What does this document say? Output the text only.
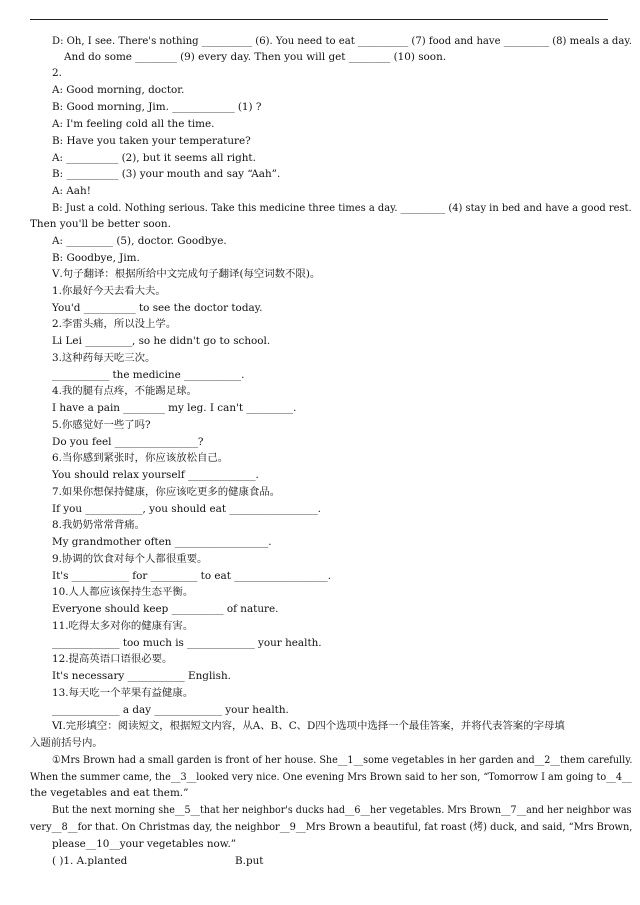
D: Oh, I see. There's nothing __________ (6). You need to eat __________ (7) food and have _________ (8) meals a day.
And do some ________ (9) every day. Then you will get ________ (10) soon.
2.
A: Good morning, doctor.
B: Good morning, Jim. ____________ (1) ?
A: I'm feeling cold all the time.
B: Have you taken your temperature?
A: __________ (2), but it seems all right.
B: __________ (3) your mouth and say “Aah”.
A: Aah!
B: Just a cold. Nothing serious. Take this medicine three times a day. _________ (4) stay in bed and have a good rest.
Then you'll be better soon.
A: _________ (5), doctor. Goodbye.
B: Goodbye, Jim.
Ⅴ.句子翻译：根据所给中文完成句子翻译(每空词数不限)。
1.你最好今天去看大夫。
You'd __________ to see the doctor today.
2.李雷头痛，所以没上学。
Li Lei _________, so he didn't go to school.
3.这种药每天吃三次。
___________ the medicine ___________.
4.我的腿有点疼，不能踢足球。
I have a pain ________ my leg. I can't _________.
5.你感觉好一些了吗?
Do you feel ________________?
6.当你感到紧张时，你应该放松自己。
You should relax yourself _____________.
7.如果你想保持健康，你应该吃更多的健康食品。
If you ___________, you should eat _________________.
8.我奶奶常常背痛。
My grandmother often __________________.
9.协调的饮食对每个人都很重要。
It's ___________ for _________ to eat __________________.
10.人人都应该保持生态平衡。
Everyone should keep __________ of nature.
11.吃得太多对你的健康有害。
_____________ too much is _____________ your health.
12.提高英语口语很必要。
It's necessary ___________ English.
13.每天吃一个苹果有益健康。
_____________ a day _____________ your health.
Ⅵ.完形填空：阅读短文，根据短文内容，从A、B、C、D四个选项中选择一个最佳答案，并将代表答案的字母填
入题前括号内。
①Mrs Brown had a small garden is front of her house. She__1__some vegetables in her garden and__2__them carefully.
When the summer came, the__3__looked very nice. One evening Mrs Brown said to her son, “Tomorrow I am going to__4__
the vegetables and eat them.”
But the next morning she__5__that her neighbor's ducks had__6__her vegetables. Mrs Brown__7__and her neighbor was
very__8__for that. On Christmas day, the neighbor__9__Mrs Brown a beautiful, fat roast (烤) duck, and said, “Mrs Brown,
please__10__your vegetables now.”
( )1. A.planted	B.put
